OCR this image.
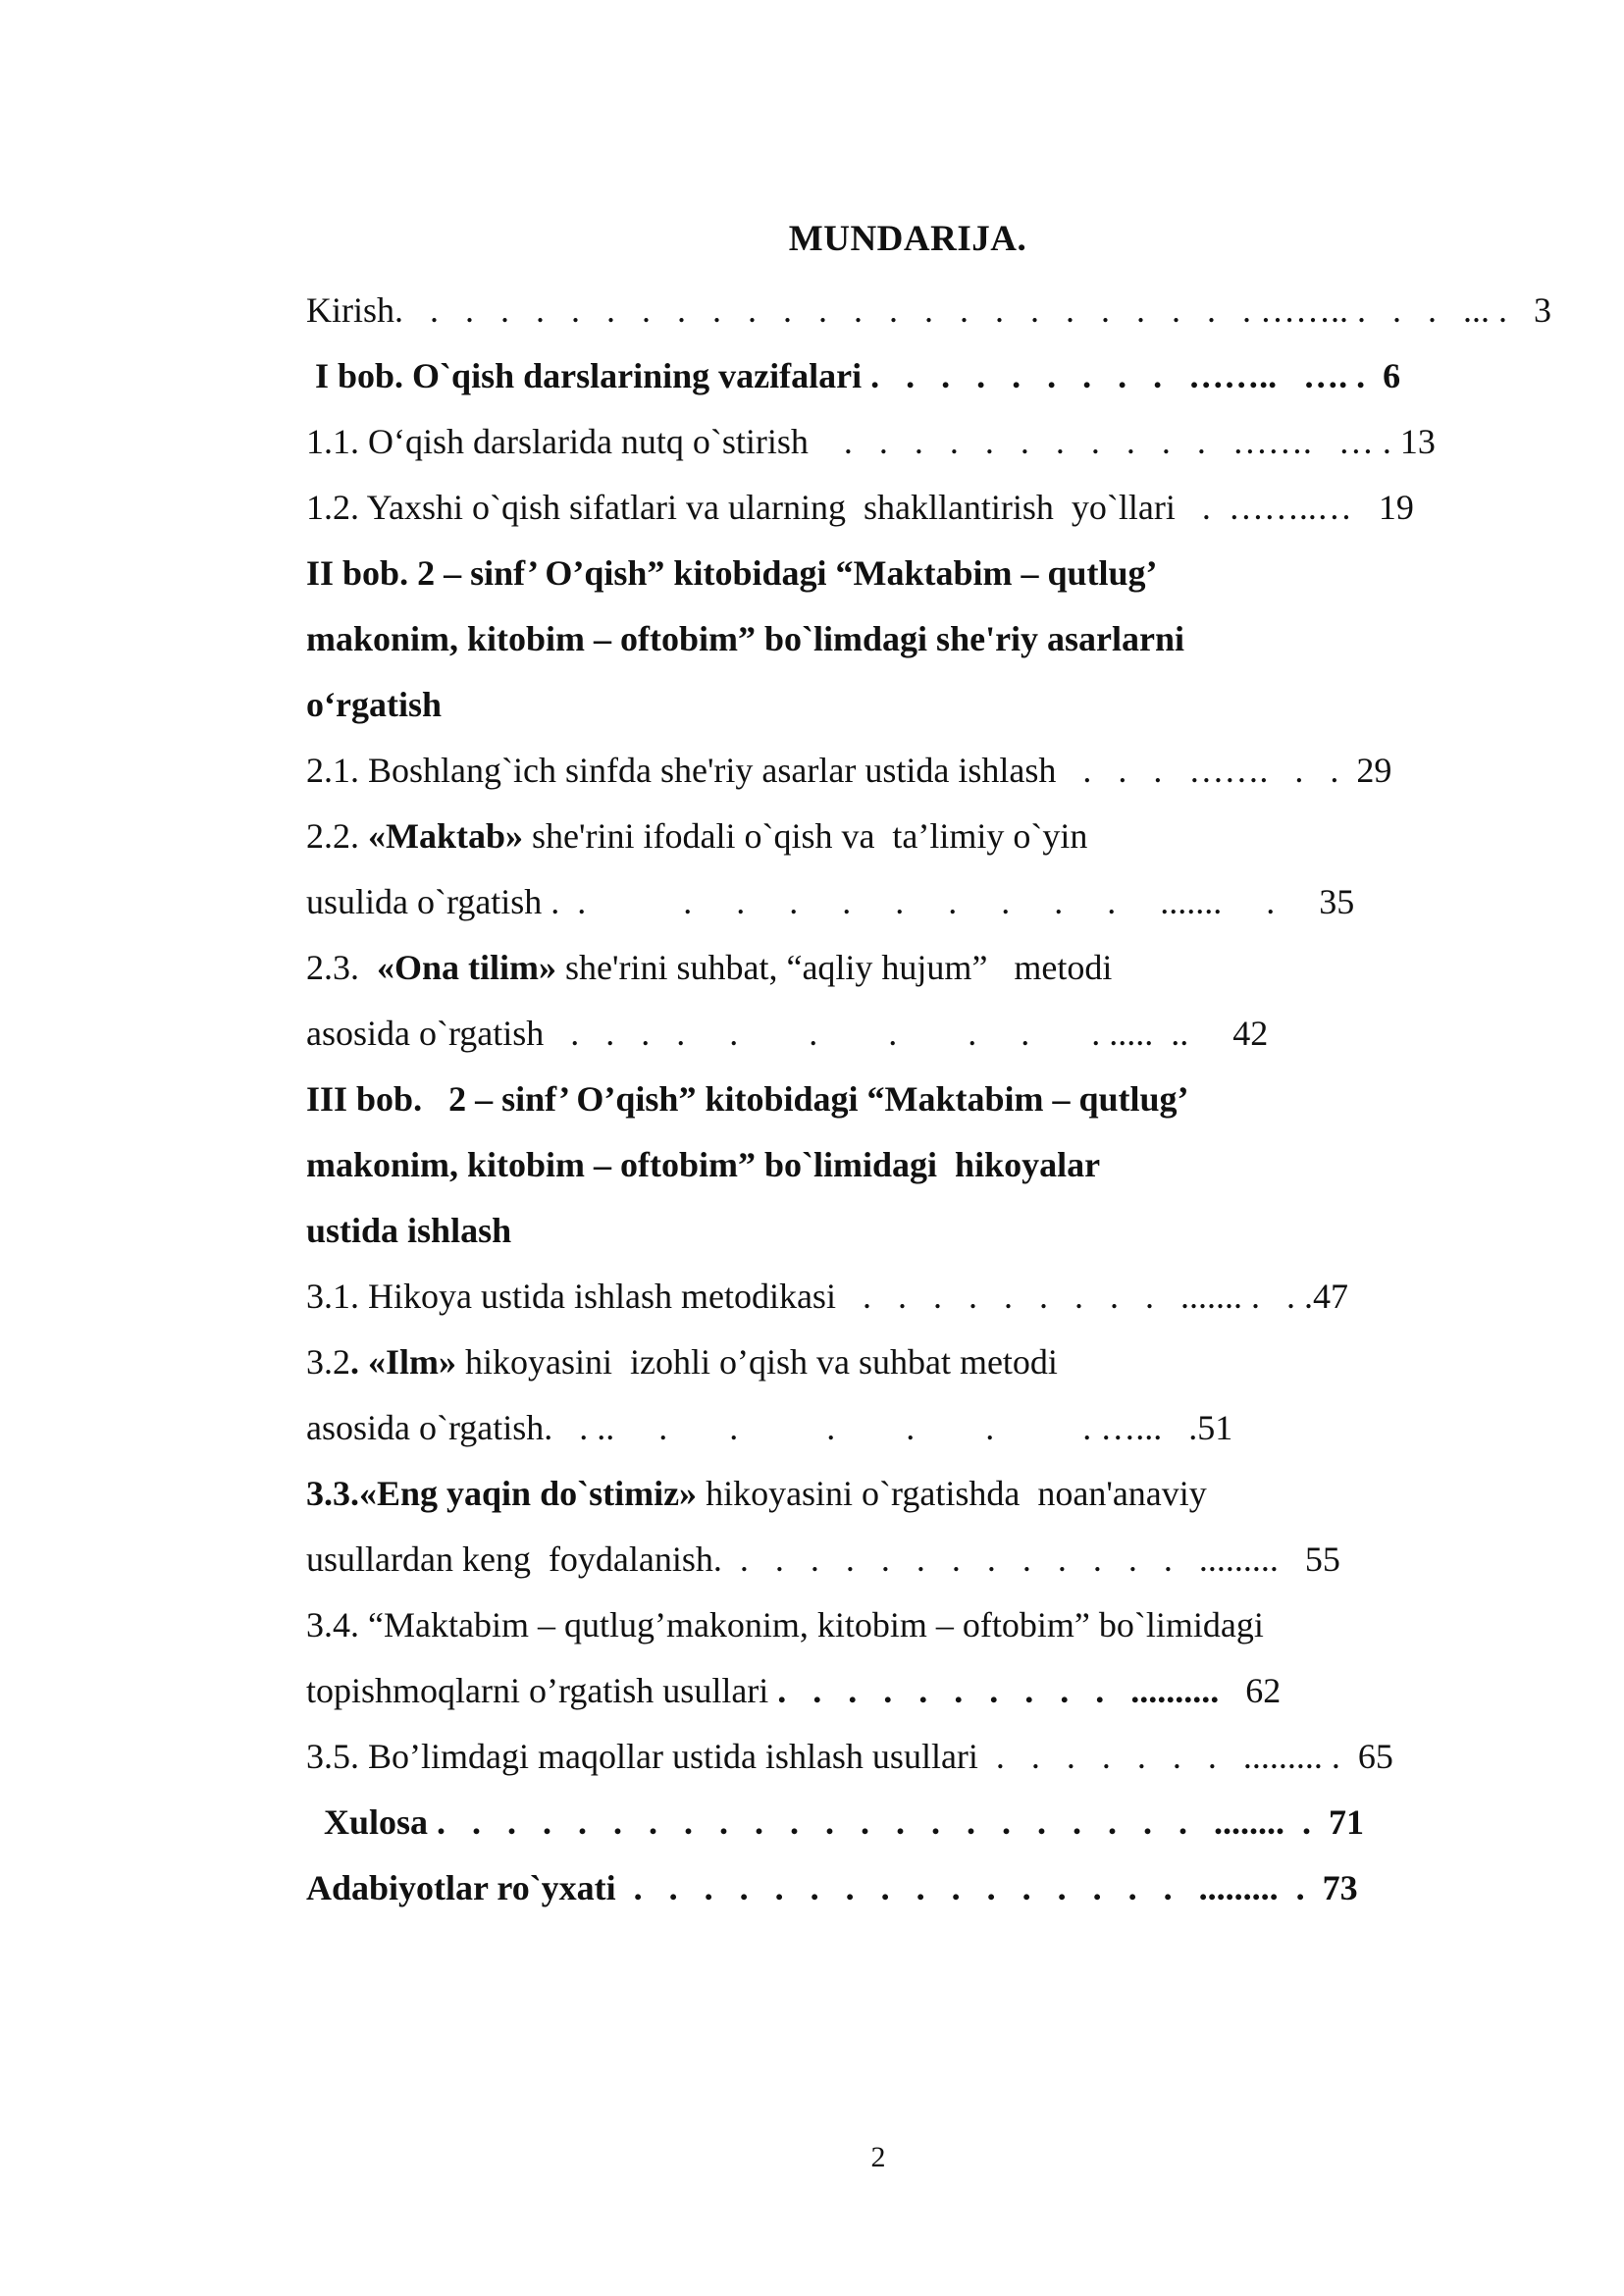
MUNDARIJA.
Kirish.   .   .   .   .   .   .   .   .   .   .   .   .   .   .   .   .   .   .   .   .   .   .   .   . …….. .   .   .   ... .   3
I bob. O`qish darslarining vazifalari .   .   .   .   .   .   .   .   .   ……..   …. .  6
1.1. O‘qish darslarida nutq o`stirish    .   .   .   .   .   .   .   .   .   .   .   …….   … . 13
1.2. Yaxshi o`qish sifatlari va ularning  shakllantirish  yo`llari   .  ……..…   19
II bob. 2 – sinf’ O’qish” kitobidagi “Maktabim – qutlug’
makonim, kitobim – oftobim” bo`limdagi she'riy asarlarni
o‘rgatish
2.1. Boshlang`ich sinfda she'riy asarlar ustida ishlash   .   .   .   …….   .   .  29
2.2. «Maktab» she'rini ifodali o`qish va  ta’limiy o`yin
usulida o`rgatish .  .           .     .     .     .     .     .     .     .     .     .......     .     35
2.3.  «Ona tilim» she'rini suhbat, “aqliy hujum”   metodi
asosida o`rgatish   .   .   .   .     .        .        .        .     .       . .....  ..     42
III bob.   2 – sinf’ O’qish” kitobidagi “Maktabim – qutlug’
makonim, kitobim – oftobim” bo`limidagi  hikoyalar
ustida ishlash
3.1. Hikoya ustida ishlash metodikasi   .   .   .   .   .   .   .   .   .   ....... .   . .47
3.2. «Ilm» hikoyasini  izohli o’qish va suhbat metodi
asosida o`rgatish.   . ..     .       .          .        .        .          . …...   .51
3.3.«Eng yaqin do`stimiz» hikoyasini o`rgatishda  noan'anaviy
usullardan keng  foydalanish.  .   .   .   .   .   .   .   .   .   .   .   .   .   .........   55
3.4. “Maktabim – qutlug’makonim, kitobim – oftobim” bo`limidagi
topishmoqlarni o’rgatish usullari .   .   .   .   .   .   .   .   .   .   ..........   62
3.5. Bo’limdagi maqollar ustida ishlash usullari  .   .   .   .   .   .   .   ......... .  65
Xulosa .   .   .   .   .   .   .   .   .   .   .   .   .   .   .   .   .   .   .   .   .   .   ........  .  71
Adabiyotlar ro`yxati  .   .   .   .   .   .   .   .   .   .   .   .   .   .   .   .   .........  .  73
2
